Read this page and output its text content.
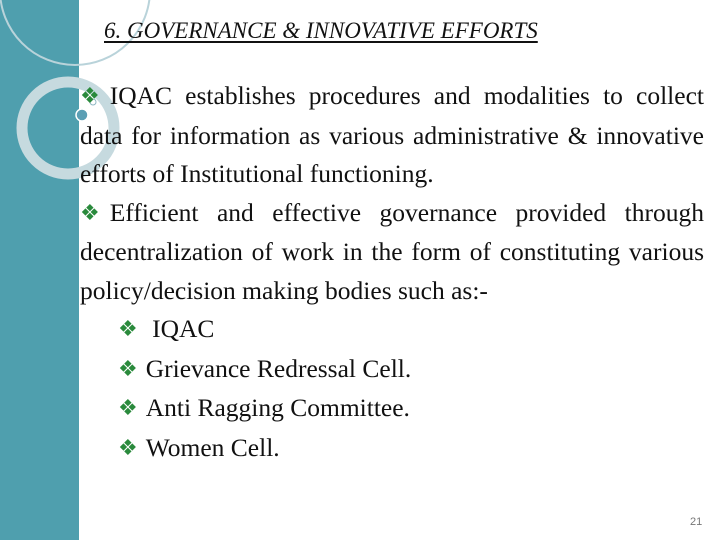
6. GOVERNANCE & INNOVATIVE EFFORTS

❖ IQAC establishes procedures and modalities to collect data for information as various administrative & innovative efforts of Institutional functioning.

❖ Efficient and effective governance provided through decentralization of work in the form of constituting various policy/decision making bodies such as:-

❖ IQAC
❖ Grievance Redressal Cell.
❖ Anti Ragging Committee.
❖ Women Cell.
21
